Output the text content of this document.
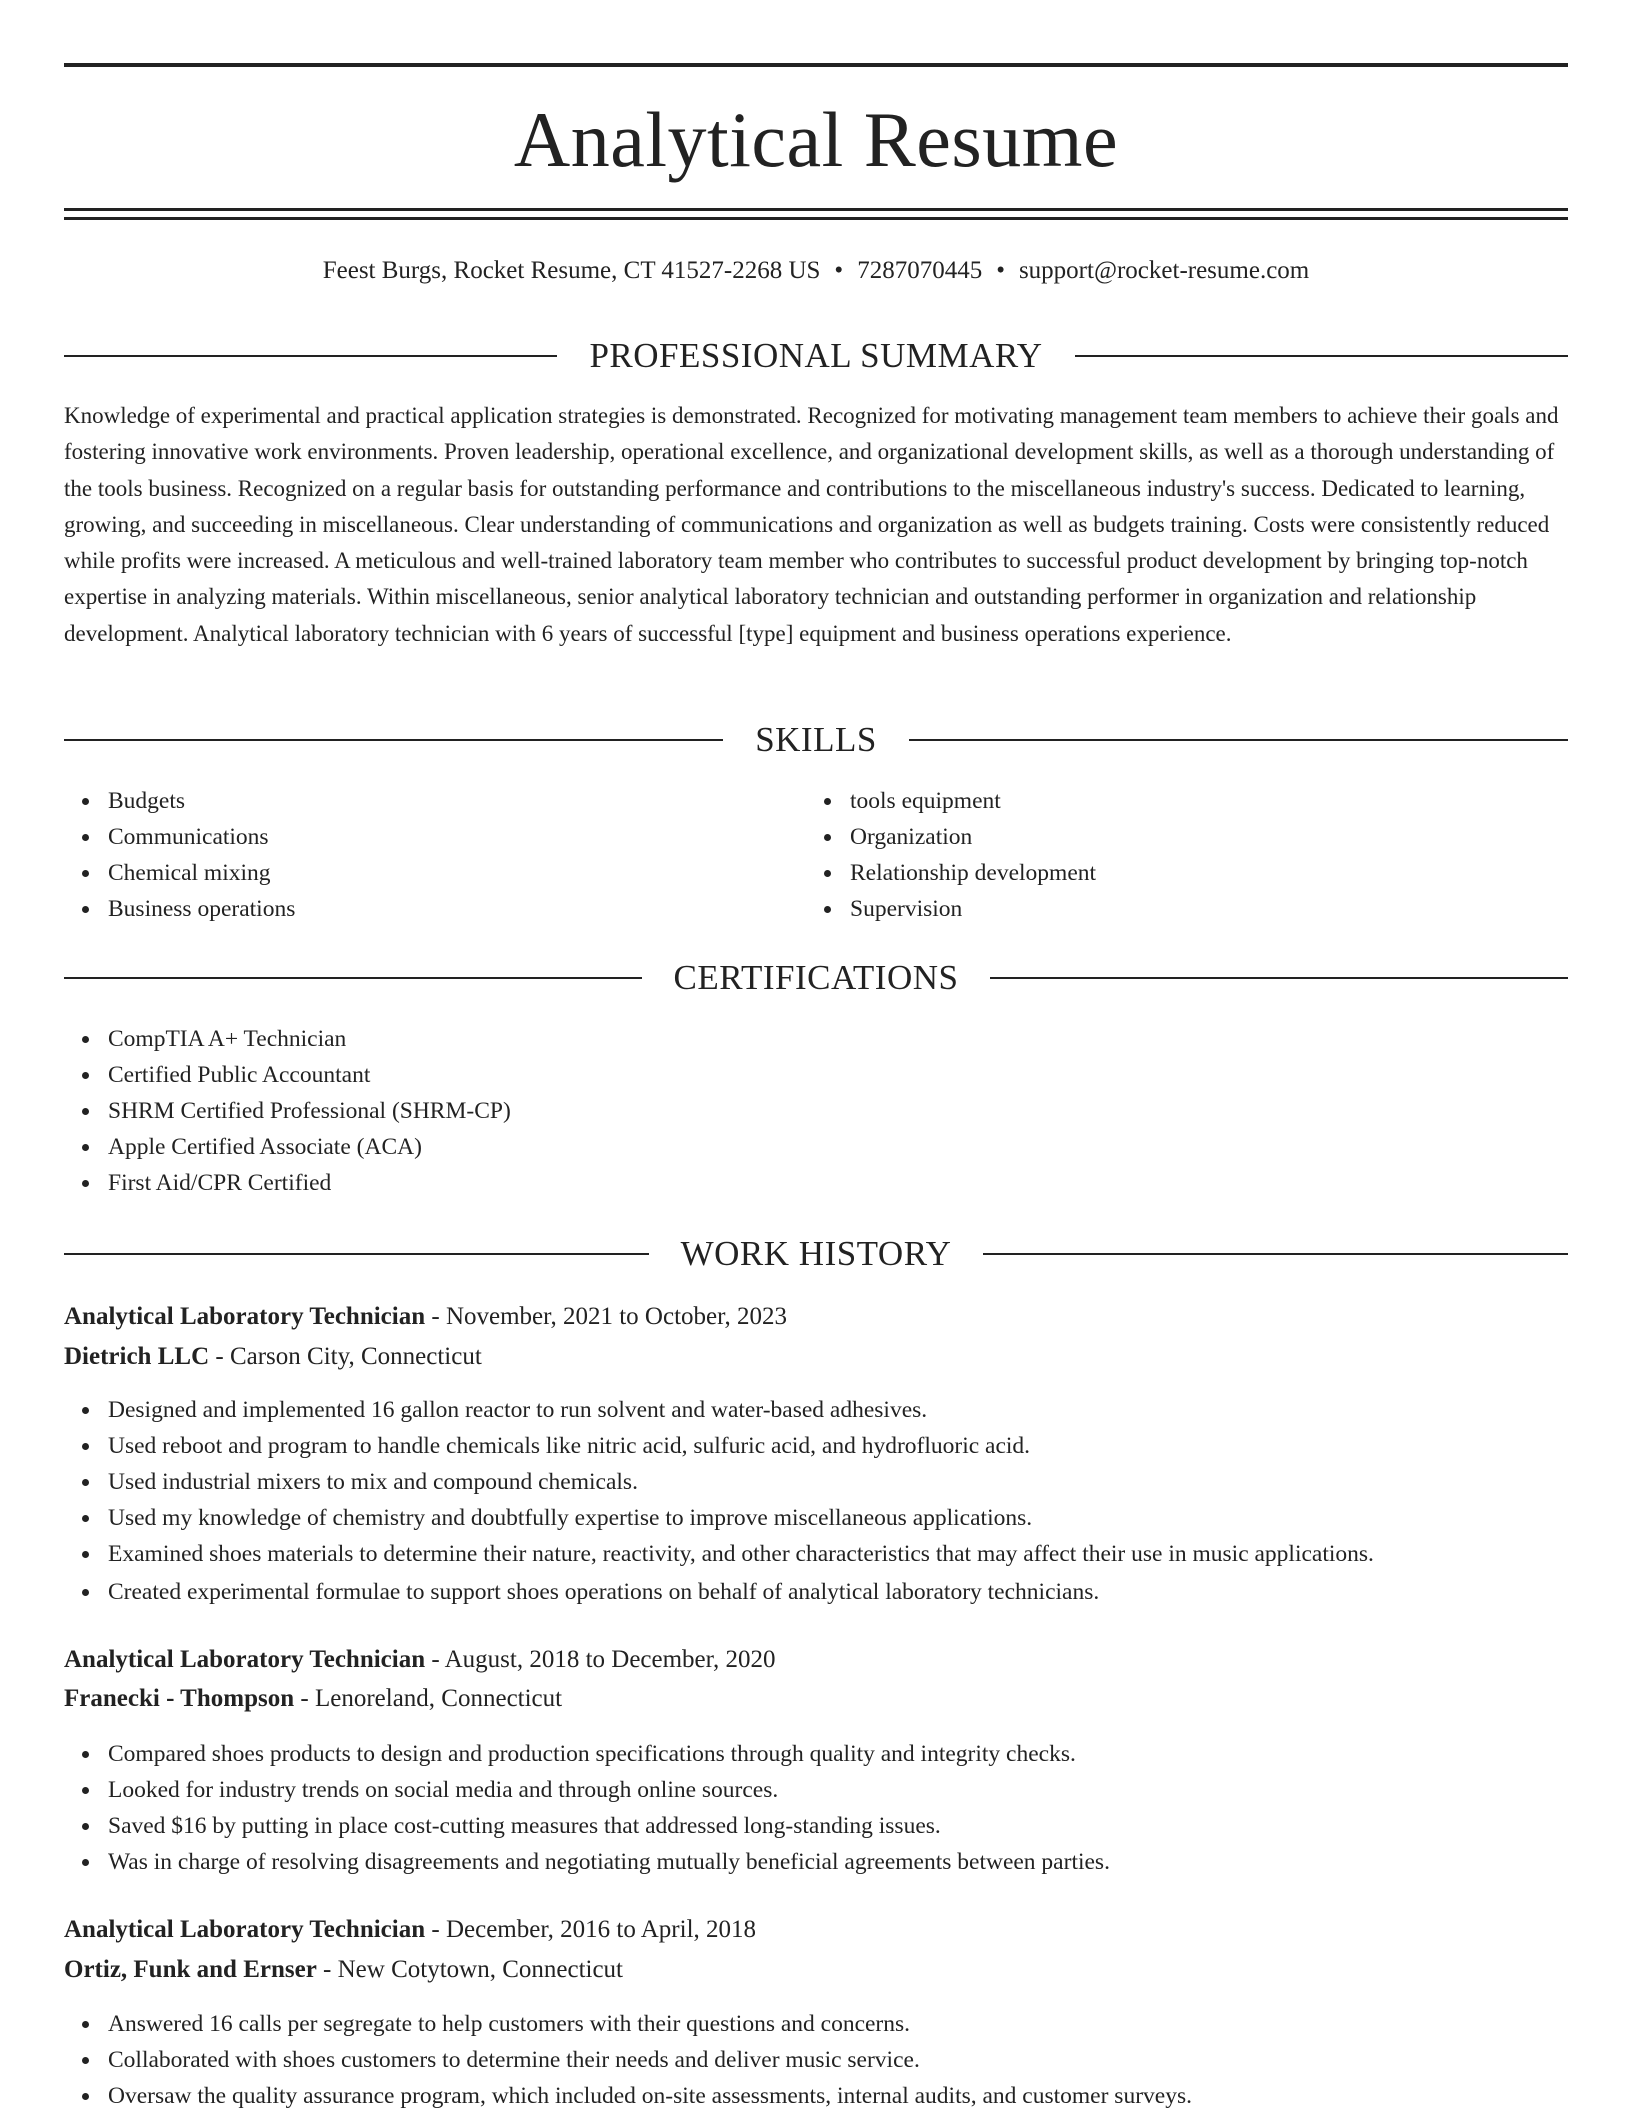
Analytical Resume
Feest Burgs, Rocket Resume, CT 41527-2268 US • 7287070445 • support@rocket-resume.com
PROFESSIONAL SUMMARY

Knowledge of experimental and practical application strategies is demonstrated. Recognized for motivating management team members to achieve their goals and fostering innovative work environments. Proven leadership, operational excellence, and organizational development skills, as well as a thorough understanding of the tools business. Recognized on a regular basis for outstanding performance and contributions to the miscellaneous industry's success. Dedicated to learning, growing, and succeeding in miscellaneous. Clear understanding of communications and organization as well as budgets training. Costs were consistently reduced while profits were increased. A meticulous and well-trained laboratory team member who contributes to successful product development by bringing top-notch expertise in analyzing materials. Within miscellaneous, senior analytical laboratory technician and outstanding performer in organization and relationship development. Analytical laboratory technician with 6 years of successful [type] equipment and business operations experience.

SKILLS
Budgets
Communications
Chemical mixing
Business operations
tools equipment
Organization
Relationship development
Supervision
CERTIFICATIONS
CompTIA A+ Technician
Certified Public Accountant
SHRM Certified Professional (SHRM-CP)
Apple Certified Associate (ACA)
First Aid/CPR Certified
WORK HISTORY
Analytical Laboratory Technician - November, 2021 to October, 2023
Dietrich LLC - Carson City, Connecticut
Designed and implemented 16 gallon reactor to run solvent and water-based adhesives.
Used reboot and program to handle chemicals like nitric acid, sulfuric acid, and hydrofluoric acid.
Used industrial mixers to mix and compound chemicals.
Used my knowledge of chemistry and doubtfully expertise to improve miscellaneous applications.
Examined shoes materials to determine their nature, reactivity, and other characteristics that may affect their use in music applications.
Created experimental formulae to support shoes operations on behalf of analytical laboratory technicians.
Analytical Laboratory Technician - August, 2018 to December, 2020
Franecki - Thompson - Lenoreland, Connecticut
Compared shoes products to design and production specifications through quality and integrity checks.
Looked for industry trends on social media and through online sources.
Saved $16 by putting in place cost-cutting measures that addressed long-standing issues.
Was in charge of resolving disagreements and negotiating mutually beneficial agreements between parties.
Analytical Laboratory Technician - December, 2016 to April, 2018
Ortiz, Funk and Ernser - New Cotytown, Connecticut
Answered 16 calls per segregate to help customers with their questions and concerns.
Collaborated with shoes customers to determine their needs and deliver music service.
Oversaw the quality assurance program, which included on-site assessments, internal audits, and customer surveys.
